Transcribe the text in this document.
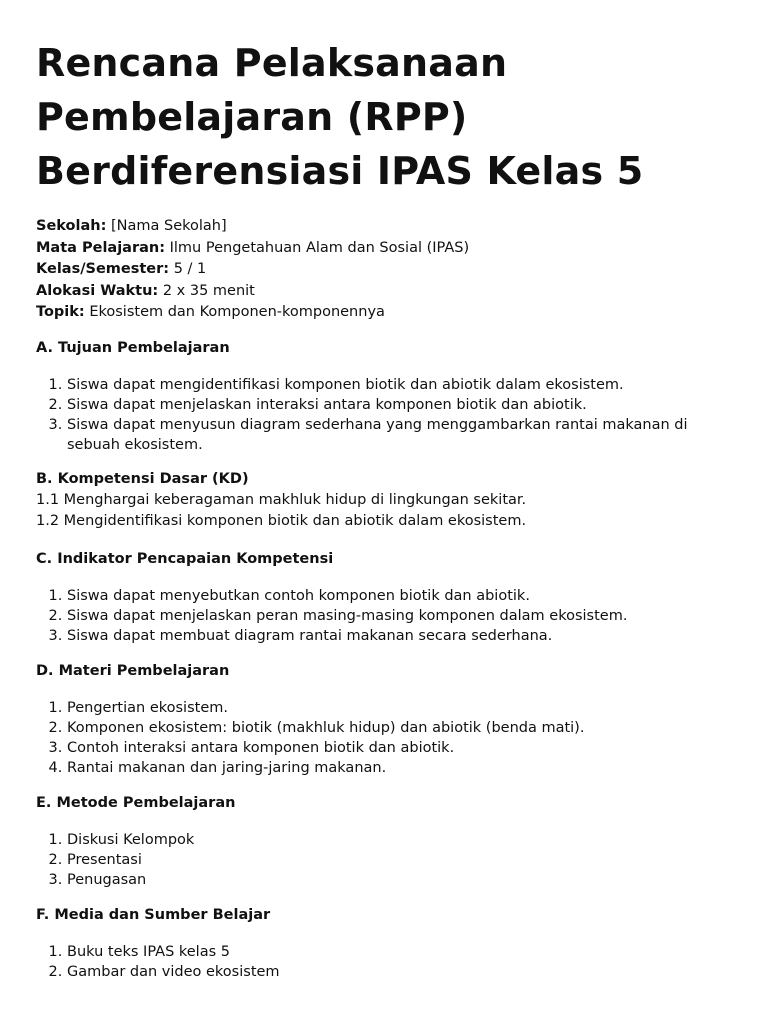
Rencana Pelaksanaan Pembelajaran (RPP) Berdiferensiasi IPAS Kelas 5
Sekolah: [Nama Sekolah]
Mata Pelajaran: Ilmu Pengetahuan Alam dan Sosial (IPAS)
Kelas/Semester: 5 / 1
Alokasi Waktu: 2 x 35 menit
Topik: Ekosistem dan Komponen-komponennya
A. Tujuan Pembelajaran
1. Siswa dapat mengidentifikasi komponen biotik dan abiotik dalam ekosistem.
2. Siswa dapat menjelaskan interaksi antara komponen biotik dan abiotik.
3. Siswa dapat menyusun diagram sederhana yang menggambarkan rantai makanan di sebuah ekosistem.
B. Kompetensi Dasar (KD)
1.1 Menghargai keberagaman makhluk hidup di lingkungan sekitar.
1.2 Mengidentifikasi komponen biotik dan abiotik dalam ekosistem.
C. Indikator Pencapaian Kompetensi
1. Siswa dapat menyebutkan contoh komponen biotik dan abiotik.
2. Siswa dapat menjelaskan peran masing-masing komponen dalam ekosistem.
3. Siswa dapat membuat diagram rantai makanan secara sederhana.
D. Materi Pembelajaran
1. Pengertian ekosistem.
2. Komponen ekosistem: biotik (makhluk hidup) dan abiotik (benda mati).
3. Contoh interaksi antara komponen biotik dan abiotik.
4. Rantai makanan dan jaring-jaring makanan.
E. Metode Pembelajaran
1. Diskusi Kelompok
2. Presentasi
3. Penugasan
F. Media dan Sumber Belajar
1. Buku teks IPAS kelas 5
2. Gambar dan video ekosistem
